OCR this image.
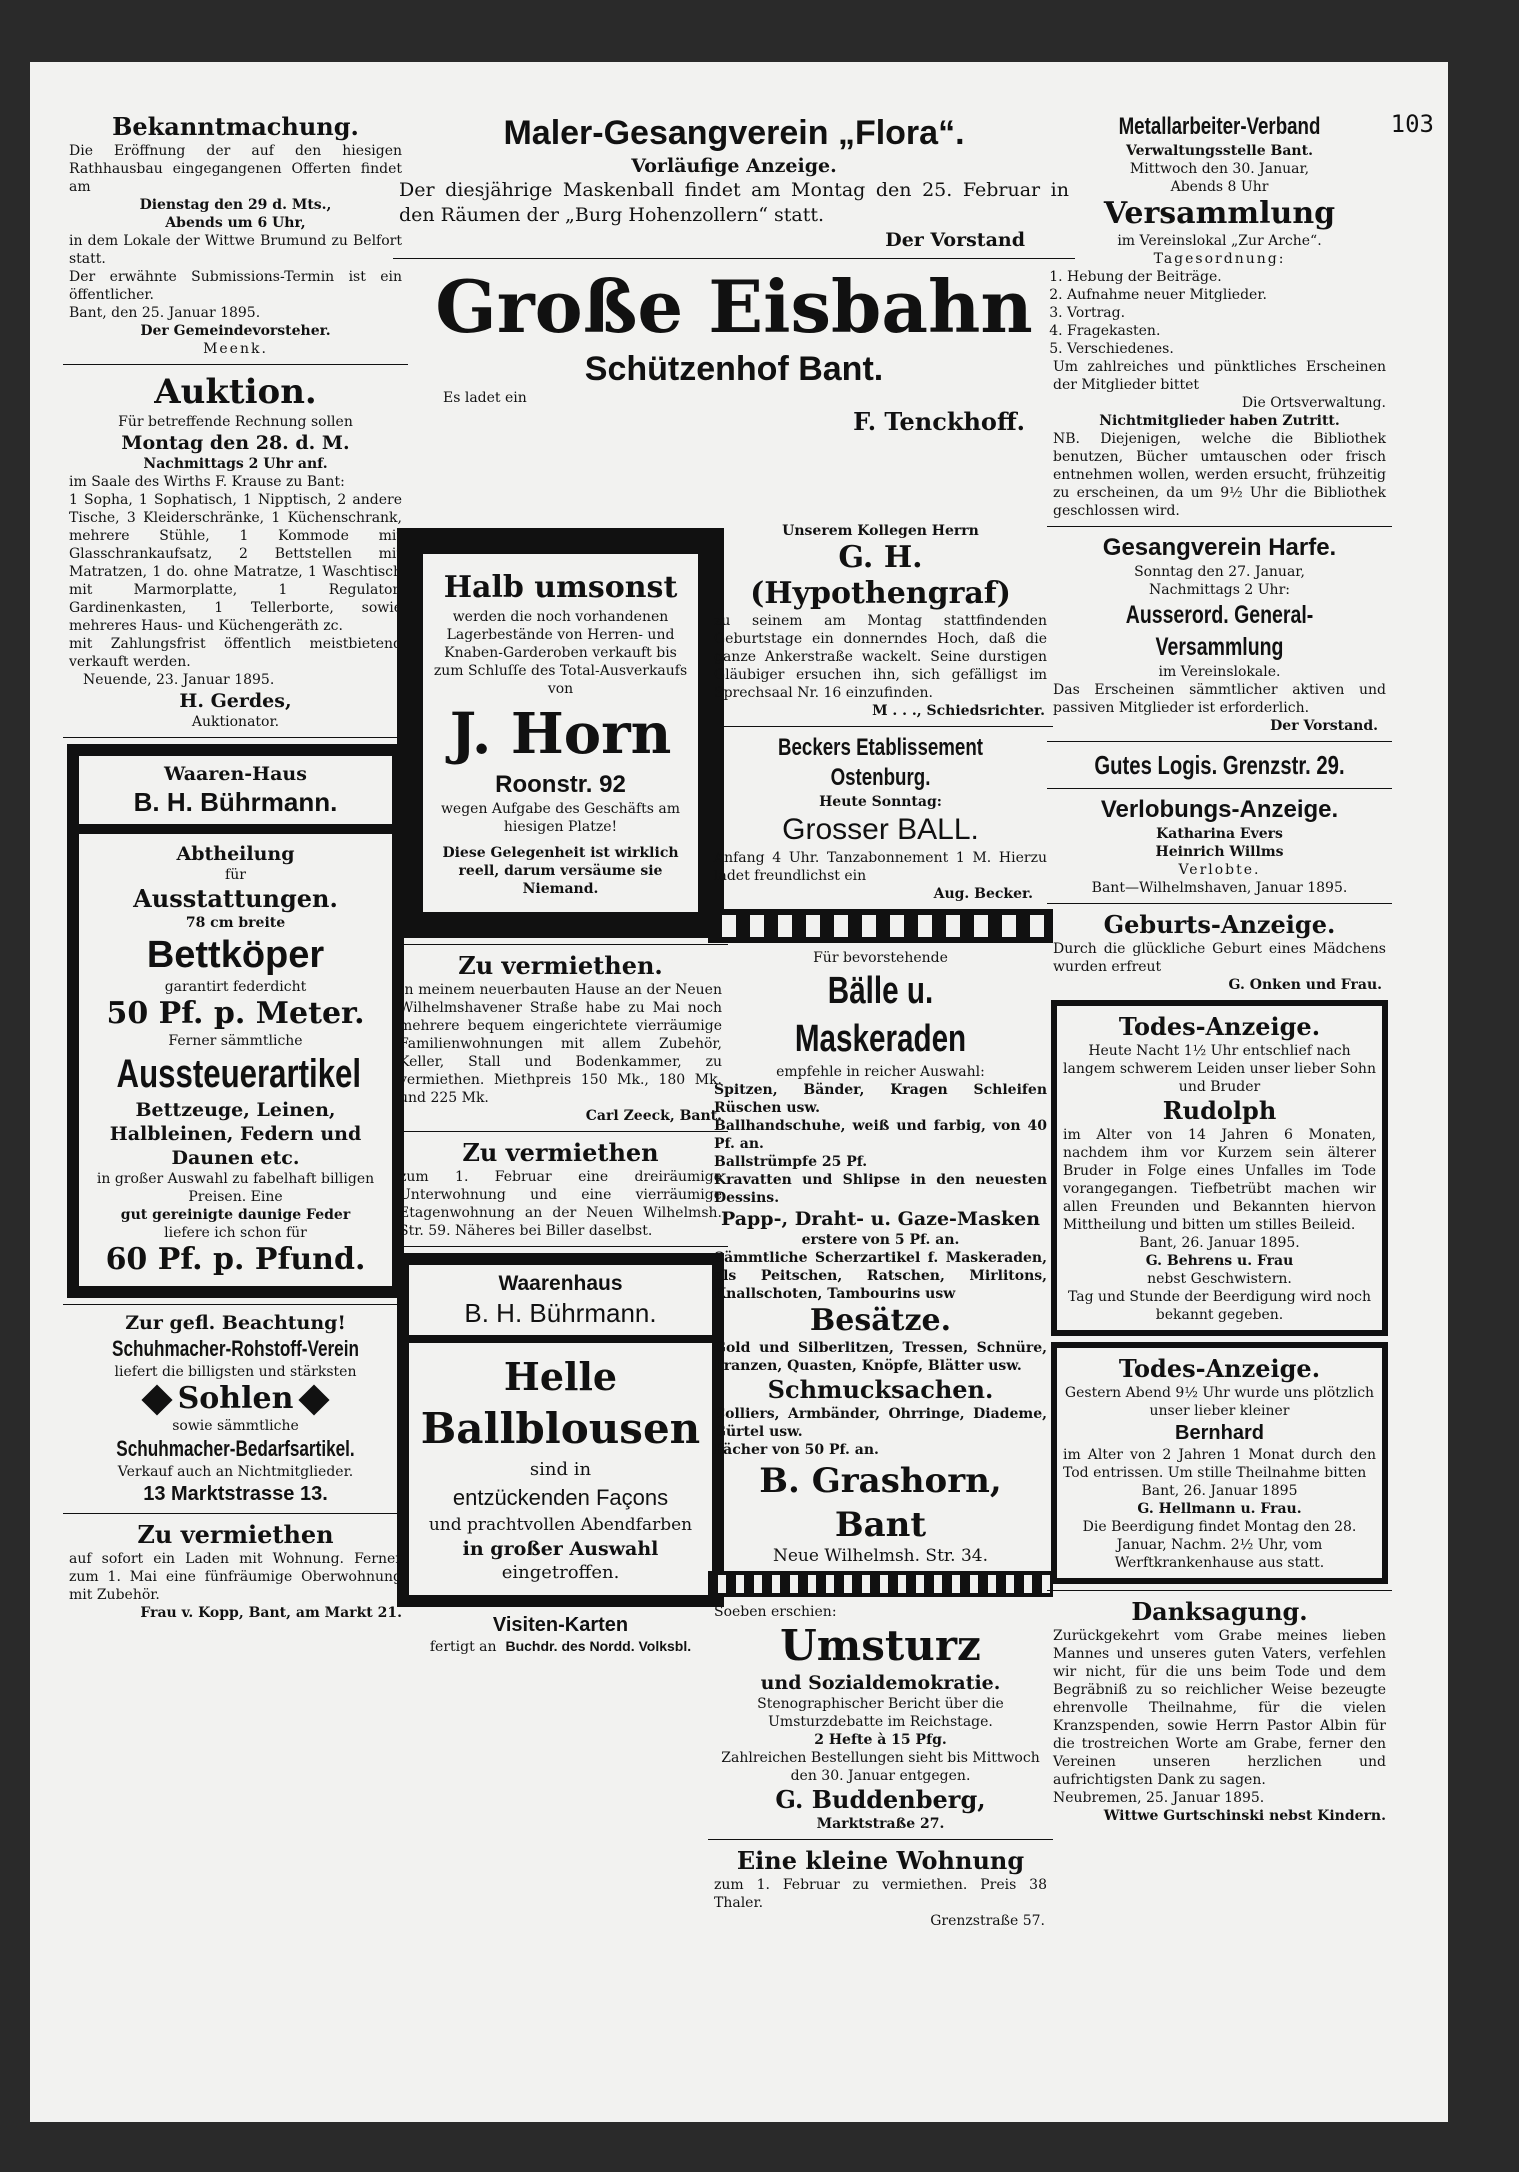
103
Bekanntmachung.
Die Eröffnung der auf den hiesigen Rathhausbau eingegangenen Offerten findet am
Dienstag den 29 d. Mts.,
Abends um 6 Uhr,
in dem Lokale der Wittwe Brumund zu Belfort statt.
Der erwähnte Submissions-Termin ist ein öffentlicher.
Bant, den 25. Januar 1895.
Der Gemeindevorsteher.
Meenk.
Auktion.
Für betreffende Rechnung sollen
Montag den 28. d. M.
Nachmittags 2 Uhr anf.
im Saale des Wirths F. Krause zu Bant:
1 Sopha, 1 Sophatisch, 1 Nipptisch, 2 andere Tische, 3 Kleiderschränke, 1 Küchenschrank, mehrere Stühle, 1 Kommode mit Glasschrankaufsatz, 2 Bettstellen mit Matratzen, 1 do. ohne Matratze, 1 Waschtisch mit Marmorplatte, 1 Regulator, Gardinenkasten, 1 Tellerborte, sowie mehreres Haus- und Küchengeräth zc.
mit Zahlungsfrist öffentlich meistbietend verkauft werden.
Neuende, 23. Januar 1895.
H. Gerdes,
Auktionator.
Waaren-Haus
B. H. Bührmann.
Abtheilung
für
Ausstattungen.
78 cm breite
Bettköper
garantirt federdicht
50 Pf. p. Meter.
Ferner sämmtliche
Aussteuerartikel
Bettzeuge, Leinen, Halbleinen, Federn und Daunen etc.
in großer Auswahl zu fabelhaft billigen Preisen. Eine
gut gereinigte daunige Feder
liefere ich schon für
60 Pf. p. Pfund.
Zur gefl. Beachtung!
Schuhmacher-Rohstoff-Verein
liefert die billigsten und stärksten
Sohlen
sowie sämmtliche
Schuhmacher-Bedarfsartikel.
Verkauf auch an Nichtmitglieder.
13 Marktstrasse 13.
Zu vermiethen
auf sofort ein Laden mit Wohnung. Ferner zum 1. Mai eine fünfräumige Oberwohnung mit Zubehör.
Frau v. Kopp, Bant, am Markt 21.
Maler-Gesangverein „Flora“.
Vorläufige Anzeige.
Der diesjährige Maskenball findet am Montag den 25. Februar in den Räumen der „Burg Hohenzollern“ statt.
Der Vorstand
Große Eisbahn
Schützenhof Bant.
Es ladet ein
F. Tenckhoff.
Halb umsonst
werden die noch vorhandenen Lagerbestände von Herren- und Knaben-Garderoben verkauft bis zum Schluſſe des Total-Ausverkaufs von
J. Horn
Roonstr. 92
wegen Aufgabe des Geschäfts am hiesigen Platze!
Diese Gelegenheit ist wirklich reell, darum versäume sie Niemand.
Zu vermiethen.
In meinem neuerbauten Hause an der Neuen Wilhelmshavener Straße habe zu Mai noch mehrere bequem eingerichtete vierräumige Familienwohnungen mit allem Zubehör, Keller, Stall und Bodenkammer, zu vermiethen. Miethpreis 150 Mk., 180 Mk. und 225 Mk.
Carl Zeeck, Bant.
Zu vermiethen
zum 1. Februar eine dreiräumige Unterwohnung und eine vierräumige Etagenwohnung an der Neuen Wilhelmsh. Str. 59. Näheres bei Biller daselbst.
Waarenhaus
B. H. Bührmann.
Helle
Ballblousen
sind in
entzückenden Façons
und prachtvollen Abendfarben
in großer Auswahl
eingetroffen.
Visiten-Karten
fertigt an Buchdr. des Nordd. Volksbl.
Unserem Kollegen Herrn
G. H. (Hypothengraf)
zu seinem am Montag stattfindenden Geburtstage ein donnerndes Hoch, daß die ganze Ankerstraße wackelt. Seine durstigen Gläubiger ersuchen ihn, sich gefälligst im Sprechsaal Nr. 16 einzufinden.
M . . ., Schiedsrichter.
Beckers Etablissement Ostenburg.
Heute Sonntag:
Grosser BALL.
Anfang 4 Uhr. Tanzabonnement 1 M. Hierzu ladet freundlichst ein
Aug. Becker.
Für bevorstehende
Bälle u. Maskeraden
empfehle in reicher Auswahl:
Spitzen, Bänder, Kragen Schleifen Rüschen usw.
Ballhandschuhe, weiß und farbig, von 40 Pf. an.
Ballstrümpfe 25 Pf.
Kravatten und Shlipse in den neuesten Dessins.
Papp-, Draht- u. Gaze-Masken
erstere von 5 Pf. an.
Sämmtliche Scherzartikel f. Maskeraden, als Peitschen, Ratschen, Mirlitons, Knallschoten, Tambourins usw
Besätze.
Gold und Silberlitzen, Tressen, Schnüre, Franzen, Quasten, Knöpfe, Blätter usw.
Schmucksachen.
Colliers, Armbänder, Ohrringe, Diademe, Gürtel usw.
Fächer von 50 Pf. an.
B. Grashorn, Bant
Neue Wilhelmsh. Str. 34.
Soeben erschien:
Umsturz
und Sozialdemokratie.
Stenographischer Bericht über die Umsturzdebatte im Reichstage.
2 Hefte à 15 Pfg.
Zahlreichen Bestellungen sieht bis Mittwoch den 30. Januar entgegen.
G. Buddenberg,
Marktstraße 27.
Eine kleine Wohnung
zum 1. Februar zu vermiethen. Preis 38 Thaler.
Grenzstraße 57.
Metallarbeiter-Verband
Verwaltungsstelle Bant.
Mittwoch den 30. Januar,
Abends 8 Uhr
Versammlung
im Vereinslokal „Zur Arche“.
Tagesordnung:
1. Hebung der Beiträge.
2. Aufnahme neuer Mitglieder.
3. Vortrag.
4. Fragekasten.
5. Verschiedenes.
Um zahlreiches und pünktliches Erscheinen der Mitglieder bittet
Die Ortsverwaltung.
Nichtmitglieder haben Zutritt.
NB. Diejenigen, welche die Bibliothek benutzen, Bücher umtauschen oder frisch entnehmen wollen, werden ersucht, frühzeitig zu erscheinen, da um 9½ Uhr die Bibliothek geschlossen wird.
Gesangverein Harfe.
Sonntag den 27. Januar,
Nachmittags 2 Uhr:
Ausserord. General-Versammlung
im Vereinslokale.
Das Erscheinen sämmtlicher aktiven und passiven Mitglieder ist erforderlich.
Der Vorstand.
Gutes Logis. Grenzstr. 29.
Verlobungs-Anzeige.
Katharina Evers
Heinrich Willms
Verlobte.
Bant—Wilhelmshaven, Januar 1895.
Geburts-Anzeige.
Durch die glückliche Geburt eines Mädchens wurden erfreut
G. Onken und Frau.
Todes-Anzeige.
Heute Nacht 1½ Uhr entschlief nach langem schwerem Leiden unser lieber Sohn und Bruder
Rudolph
im Alter von 14 Jahren 6 Monaten, nachdem ihm vor Kurzem sein älterer Bruder in Folge eines Unfalles im Tode vorangegangen. Tiefbetrübt machen wir allen Freunden und Bekannten hiervon Mittheilung und bitten um stilles Beileid.
Bant, 26. Januar 1895.
G. Behrens u. Frau
nebst Geschwistern.
Tag und Stunde der Beerdigung wird noch bekannt gegeben.
Todes-Anzeige.
Gestern Abend 9½ Uhr wurde uns plötzlich unser lieber kleiner
Bernhard
im Alter von 2 Jahren 1 Monat durch den Tod entrissen. Um stille Theilnahme bitten
Bant, 26. Januar 1895
G. Hellmann u. Frau.
Die Beerdigung findet Montag den 28. Januar, Nachm. 2½ Uhr, vom Werftkrankenhause aus statt.
Danksagung.
Zurückgekehrt vom Grabe meines lieben Mannes und unseres guten Vaters, verfehlen wir nicht, für die uns beim Tode und dem Begräbniß zu so reichlicher Weise bezeugte ehrenvolle Theilnahme, für die vielen Kranzspenden, sowie Herrn Pastor Albin für die trostreichen Worte am Grabe, ferner den Vereinen unseren herzlichen und aufrichtigsten Dank zu sagen.
Neubremen, 25. Januar 1895.
Wittwe Gurtschinski nebst Kindern.
